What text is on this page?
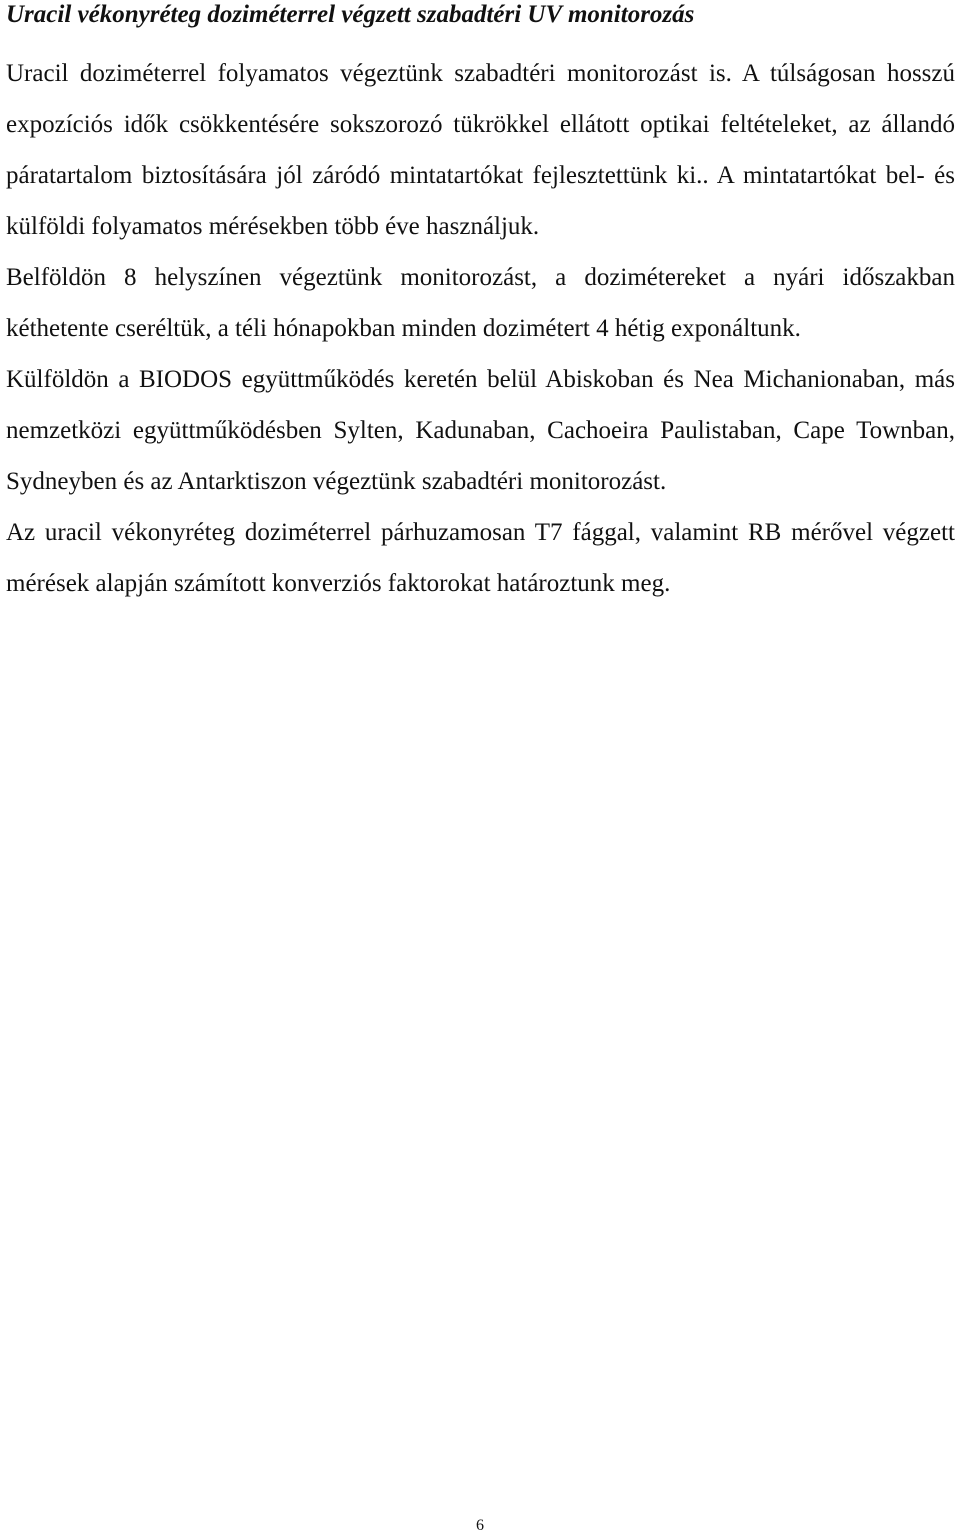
Uracil vékonyréteg doziméterrel végzett szabadtéri UV monitorozás

Uracil doziméterrel folyamatos végeztünk szabadtéri monitorozást is. A túlságosan hosszú expozíciós idők csökkentésére sokszorozó tükrökkel ellátott optikai feltételeket, az állandó páratartalom biztosítására jól záródó mintatartókat fejlesztettünk ki.. A mintatartókat bel- és külföldi folyamatos mérésekben több éve használjuk.

Belföldön 8 helyszínen végeztünk monitorozást, a dozimétereket a nyári időszakban kéthetente cseréltük, a téli hónapokban minden dozimétert 4 hétig exponáltunk.

Külföldön a BIODOS együttműködés keretén belül Abiskoban és Nea Michanionaban, más nemzetközi együttműködésben Sylten, Kadunaban, Cachoeira Paulistaban, Cape Townban, Sydneyben és az Antarktiszon végeztünk szabadtéri monitorozást.

Az uracil vékonyréteg doziméterrel párhuzamosan T7 fággal, valamint RB mérővel végzett mérések alapján számított konverziós faktorokat határoztunk meg.

6
